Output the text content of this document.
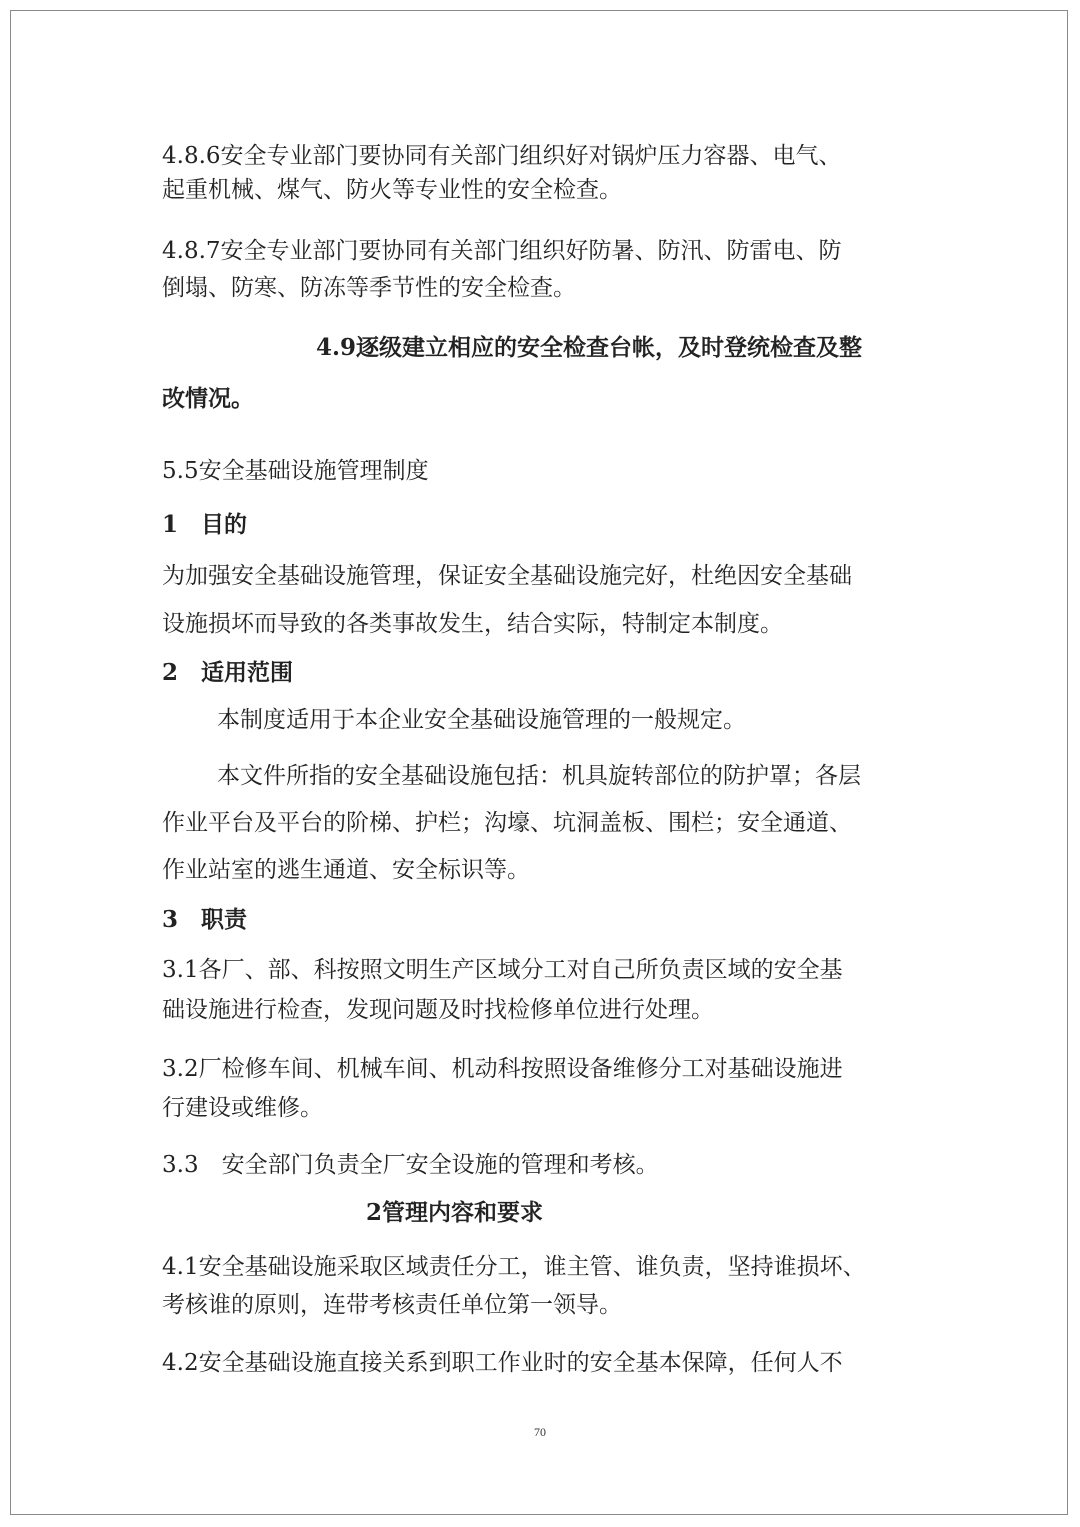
4.8.6安全专业部门要协同有关部门组织好对锅炉压力容器、电气、

起重机械、煤气、防火等专业性的安全检查。

4.8.7安全专业部门要协同有关部门组织好防暑、防汛、防雷电、防

倒塌、防寒、防冻等季节性的安全检查。

4.9逐级建立相应的安全检查台帐，及时登统检查及整

改情况。

5.5安全基础设施管理制度

1　目的

为加强安全基础设施管理，保证安全基础设施完好，杜绝因安全基础

设施损坏而导致的各类事故发生，结合实际，特制定本制度。

2　适用范围

本制度适用于本企业安全基础设施管理的一般规定。

本文件所指的安全基础设施包括：机具旋转部位的防护罩；各层

作业平台及平台的阶梯、护栏；沟壕、坑洞盖板、围栏；安全通道、

作业站室的逃生通道、安全标识等。

3　职责

3.1各厂、部、科按照文明生产区域分工对自己所负责区域的安全基

础设施进行检查，发现问题及时找检修单位进行处理。

3.2厂检修车间、机械车间、机动科按照设备维修分工对基础设施进

行建设或维修。

3.3　安全部门负责全厂安全设施的管理和考核。

2管理内容和要求

4.1安全基础设施采取区域责任分工，谁主管、谁负责，坚持谁损坏、

考核谁的原则，连带考核责任单位第一领导。

4.2安全基础设施直接关系到职工作业时的安全基本保障，任何人不

70
